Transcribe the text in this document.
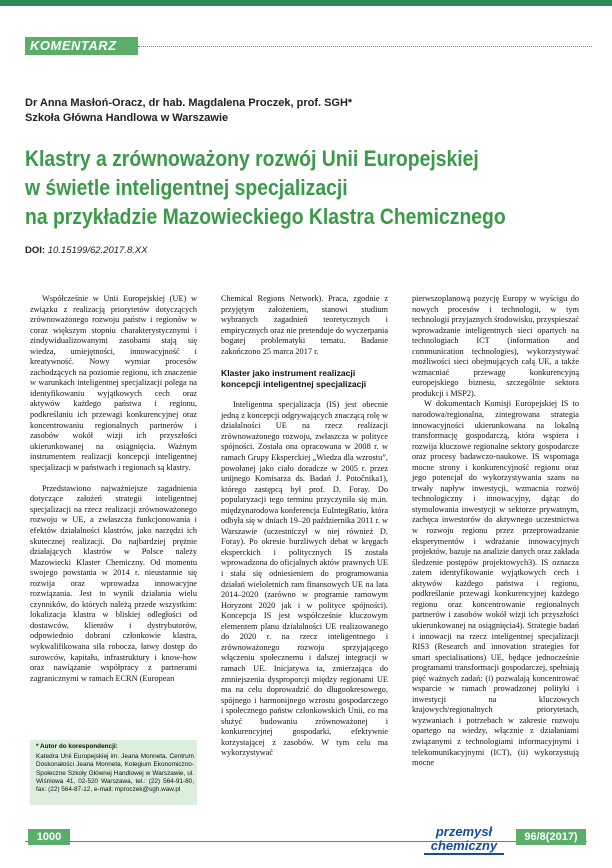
KOMENTARZ
Dr Anna Masłoń-Oracz, dr hab. Magdalena Proczek, prof. SGH*
Szkoła Główna Handlowa w Warszawie
Klastry a zrównoważony rozwój Unii Europejskiej
w świetle inteligentnej specjalizacji
na przykładzie Mazowieckiego Klastra Chemicznego
DOI: 10.15199/62.2017.8.XX

Współcześnie w Unii Europejskiej (UE) w związku z realizacją priorytetów dotyczących zrównoważonego rozwoju państw i regionów w coraz większym stopniu charakterystycznymi i zindywidualizowanymi zasobami stają się wiedza, umiejętności, innowacyjność i kreatywność. Nowy wymiar procesów zachodzących na poziomie regionu, ich znaczenie w warunkach inteligentnej specjalizacji polega na identyfikowaniu wyjątkowych cech oraz aktywów każdego państwa i regionu, podkreślaniu ich przewagi konkurencyjnej oraz koncentrowaniu regionalnych partnerów i zasobów wokół wizji ich przyszłości ukierunkowanej na osiągnięcia. Ważnym instrumentem realizacji koncepcji inteligentnej specjalizacji w państwach i regionach są klastry.

Przedstawiono najważniejsze zagadnienia dotyczące założeń strategii inteligentnej specjalizacji na rzecz realizacji zrównoważonego rozwoju w UE, a zwłaszcza funkcjonowania i efektów działalności klastrów, jako narzędzi ich skutecznej realizacji. Do najbardziej prężnie działających klastrów w Polsce należy Mazowiecki Klaster Chemiczny. Od momentu swojego powstania w 2014 r. nieustannie się rozwija oraz wprowadza innowacyjne rozwiązania. Jest to wynik działania wielu czynników, do których należą przede wszystkim: lokalizacja klastra w bliskiej odległości od dostawców, klientów i dystrybutorów, odpowiednio dobrani członkowie klastra, wykwalifikowana siła robocza, łatwy dostęp do surowców, kapitału, infrastruktury i know-how oraz nawiązanie współpracy z partnerami zagranicznymi w ramach ECRN (European

* Autor do korespondencji:
Katedra Unii Europejskiej im. Jeana Monneta, Centrum Doskonałości Jeana Monneta, Kolegium Ekonomiczno-Społeczne Szkoły Głównej Handlowej w Warszawie, ul. Wiśniowa 41, 02-520 Warszawa, tel.: (22) 564-91-80, fax: (22) 564-87-12, e-mail: mproczek@sgh.waw.pl

Chemical Regions Network). Praca, zgodnie z przyjętym założeniem, stanowi studium wybranych zagadnień teoretycznych i empirycznych oraz nie pretenduje do wyczerpania bogatej problematyki tematu. Badanie zakończono 25 marca 2017 r.

Klaster jako instrument realizacji koncepcji inteligentnej specjalizacji

Inteligentna specjalizacja (IS) jest obecnie jedną z koncepcji odgrywających znaczącą rolę w działalności UE na rzecz realizacji zrównoważonego rozwoju, zwłaszcza w polityce spójności. Została ona opracowana w 2008 r. w ramach Grupy Eksperckiej „Wiedza dla wzrostu”, powołanej jako ciało doradcze w 2005 r. przez unijnego Komisarza ds. Badań J. Potočnika1), którego zastępcą był prof. D. Foray. Do popularyzacji tego terminu przyczyniła się m.in. międzynarodowa konferencja EuIntegRatio, która odbyła się w dniach 19–20 października 2011 r. w Warszawie (uczestniczył w niej również D. Foray). Po okresie burzliwych debat w kręgach eksperckich i politycznych IS została wprowadzona do oficjalnych aktów prawnych UE i stała się odniesieniem do programowania działań wieloletnich ram finansowych UE na lata 2014–2020 (zarówno w programie ramowym Horyzont 2020 jak i w polityce spójności). Koncepcja IS jest współcześnie kluczowym elementem planu działalności UE realizowanego do 2020 r. na rzecz inteligentnego i zrównoważonego rozwoju sprzyjającego włączeniu społecznemu i dalszej integracji w ramach UE. Inicjatywa ta, zmierzająca do zmniejszenia dysproporcji między regionami UE ma na celu doprowadzić do długookresowego, spójnego i harmonijnego wzrostu gospodarczego i społecznego państw członkowskich Unii, co ma służyć budowaniu zrównoważonej i konkurencyjnej gospodarki, efektywnie korzystającej z zasobów. W tym celu ma wykorzystywać

pierwszoplanową pozycję Europy w wyścigu do nowych procesów i technologii, w tym technologii przyjaznych środowisku, przyspieszać wprowadzanie inteligentnych sieci opartych na technologiach ICT (information and communication technologies), wykorzystywać możliwości sieci obejmujących całą UE, a także wzmacniać przewagę konkurencyjną europejskiego biznesu, szczególnie sektora produkcji i MSP2).

W dokumentach Komisji Europejskiej IS to narodowa/regionalna, zintegrowana strategia innowacyjności ukierunkowana na lokalną transformację gospodarczą, która wspiera i rozwija kluczowe regionalne sektory gospodarcze oraz procesy badawczo-naukowe. IS wspomaga mocne strony i konkurencyjność regionu oraz jego potencjał do wykorzystywania szans na trwały napływ inwestycji, wzmacnia rozwój technologiczny i innowacyjny, dążąc do stymulowania inwestycji w sektorze prywatnym, zachęca inwestorów do aktywnego uczestnictwa w rozwoju regionu przez przeprowadzanie eksperymentów i wdrażanie innowacyjnych projektów, bazuje na analizie danych oraz zakłada śledzenie postępów projektowych3). IS oznacza zatem identyfikowanie wyjątkowych cech i aktywów każdego państwa i regionu, podkreślanie przewagi konkurencyjnej każdego regionu oraz koncentrowanie regionalnych partnerów i zasobów wokół wizji ich przyszłości ukierunkowanej na osiągnięcia4). Strategie badań i innowacji na rzecz inteligentnej specjalizacji RIS3 (Research and innovation strategies for smart specialisations) UE, będące jednocześnie programami transformacji gospodarczej, spełniają pięć ważnych zadań: (i) pozwalają koncentrować wsparcie w ramach prowadzonej polityki i inwestycji na kluczowych krajowych/regionalnych priorytetach, wyzwaniach i potrzebach w zakresie rozwoju opartego na wiedzy, włącznie z działaniami związanymi z technologiami informacyjnymi i telekomunikacyjnymi (ICT), (ii) wykorzystują mocne

1000	przemysł
chemiczny
96/8(2017)
